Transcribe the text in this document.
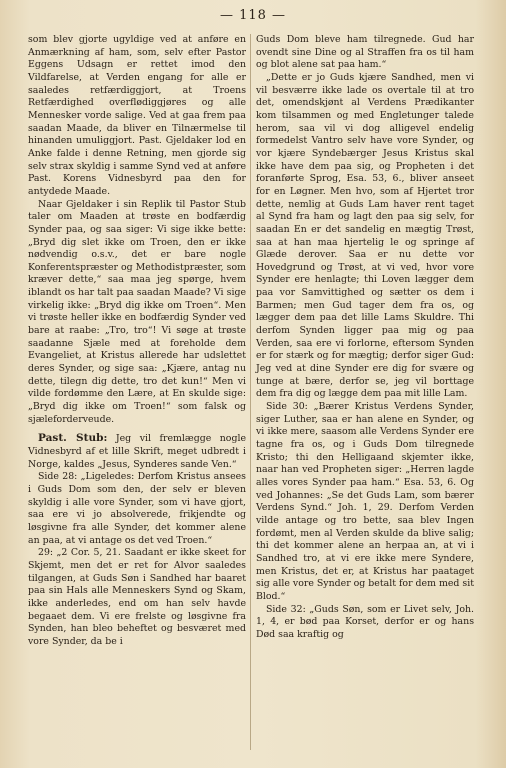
— 118 —

som blev gjorte ugyldige ved at anføre en Anmærkning af ham, som, selv efter Pastor Eggens Udsagn er rettet imod den Vildfarelse, at Verden engang for alle er saaledes retfærdiggjort, at Troens Retfærdighed overflødiggjøres og alle Mennesker vorde salige. Ved at gaa frem paa saadan Maade, da bliver en Tilnærmelse til hinanden umuliggjort. Past. Gjeldaker lod en Anke falde i denne Retning, men gjorde sig selv strax skyldig i samme Synd ved at anføre Past. Korens Vidnesbyrd paa den for antydede Maade.

Naar Gjeldaker i sin Replik til Pastor Stub taler om Maaden at trøste en bodfærdig Synder paa, og saa siger: Vi sige ikke bette: „Bryd dig slet ikke om Troen, den er ikke nødvendig o.s.v., det er bare nogle Konferentspræster og Methodistpræster, som kræver dette,“ saa maa jeg spørge, hvem iblandt os har talt paa saadan Maade? Vi sige virkelig ikke: „Bryd dig ikke om Troen“. Men vi trøste heller ikke en bodfærdig Synder ved bare at raabe: „Tro, tro“! Vi søge at trøste saadanne Sjæle med at foreholde dem Evangeliet, at Kristus allerede har udslettet deres Synder, og sige saa: „Kjære, antag nu dette, tilegn dig dette, tro det kun!“ Men vi vilde fordømme den Lære, at En skulde sige: „Bryd dig ikke om Troen!“ som falsk og sjæleforderveude.

Past. Stub: Jeg vil fremlægge nogle Vidnesbyrd af et lille Skrift, meget udbredt i Norge, kaldes „Jesus, Synderes sande Ven.“

Side 28: „Ligeledes: Derfom Kristus ansees i Guds Dom som den, der selv er bleven skyldig i alle vore Synder, som vi have gjort, saa ere vi jo absolverede, frikjendte og løsgivne fra alle Synder, det kommer alene an paa, at vi antage os det ved Troen.“

29: „2 Cor. 5, 21. Saadant er ikke skeet for Skjemt, men det er ret for Alvor saaledes tilgangen, at Guds Søn i Sandhed har baaret paa sin Hals alle Menneskers Synd og Skam, ikke anderledes, end om han selv havde begaaet dem. Vi ere frelste og løsgivne fra Synden, han bleo beheftet og besværet med vore Synder, da be i

Guds Dom bleve ham tilregnede. Gud har ovendt sine Dine og al Straffen fra os til ham og blot alene sat paa ham.“

„Dette er jo Guds kjære Sandhed, men vi vil besværre ikke lade os overtale til at tro det, omendskjønt al Verdens Prædikanter kom tilsammen og med Engletunger talede herom, saa vil vi dog alligevel endelig formedelst Vantro selv have vore Synder, og vor kjære Syndebærger Jesus Kristus skal ikke have dem paa sig, og Propheten i det foranførte Sprog, Esa. 53, 6., bliver anseet for en Løgner. Men hvo, som af Hjertet tror dette, nemlig at Guds Lam haver rent taget al Synd fra ham og lagt den paa sig selv, for saadan En er det sandelig en mægtig Trøst, saa at han maa hjertelig le og springe af Glæde derover. Saa er nu dette vor Hovedgrund og Trøst, at vi ved, hvor vore Synder ere henlagte; thi Loven lægger dem paa vor Samvittighed og sætter os dem i Barmen; men Gud tager dem fra os, og lægger dem paa det lille Lams Skuldre. Thi derfom Synden ligger paa mig og paa Verden, saa ere vi forlorne, eftersom Synden er for stærk og for mægtig; derfor siger Gud: Jeg ved at dine Synder ere dig for svære og tunge at bære, derfor se, jeg vil borttage dem fra dig og lægge dem paa mit lille Lam.

Side 30: „Bærer Kristus Verdens Synder, siger Luther, saa er han alene en Synder, og vi ikke mere, saasom alle Verdens Synder ere tagne fra os, og i Guds Dom tilregnede Kristo; thi den Helligaand skjemter ikke, naar han ved Propheten siger: „Herren lagde alles vores Synder paa ham.“ Esa. 53, 6. Og ved Johannes: „Se det Guds Lam, som bærer Verdens Synd.“ Joh. 1, 29. Derfom Verden vilde antage og tro bette, saa blev Ingen fordømt, men al Verden skulde da blive salig; thi det kommer alene an herpaa an, at vi i Sandhed tro, at vi ere ikke mere Syndere, men Kristus, det er, at Kristus har paataget sig alle vore Synder og betalt for dem med sit Blod.“

Side 32: „Guds Søn, som er Livet selv, Joh. 1, 4, er bød paa Korset, derfor er og hans Død saa kraftig og
